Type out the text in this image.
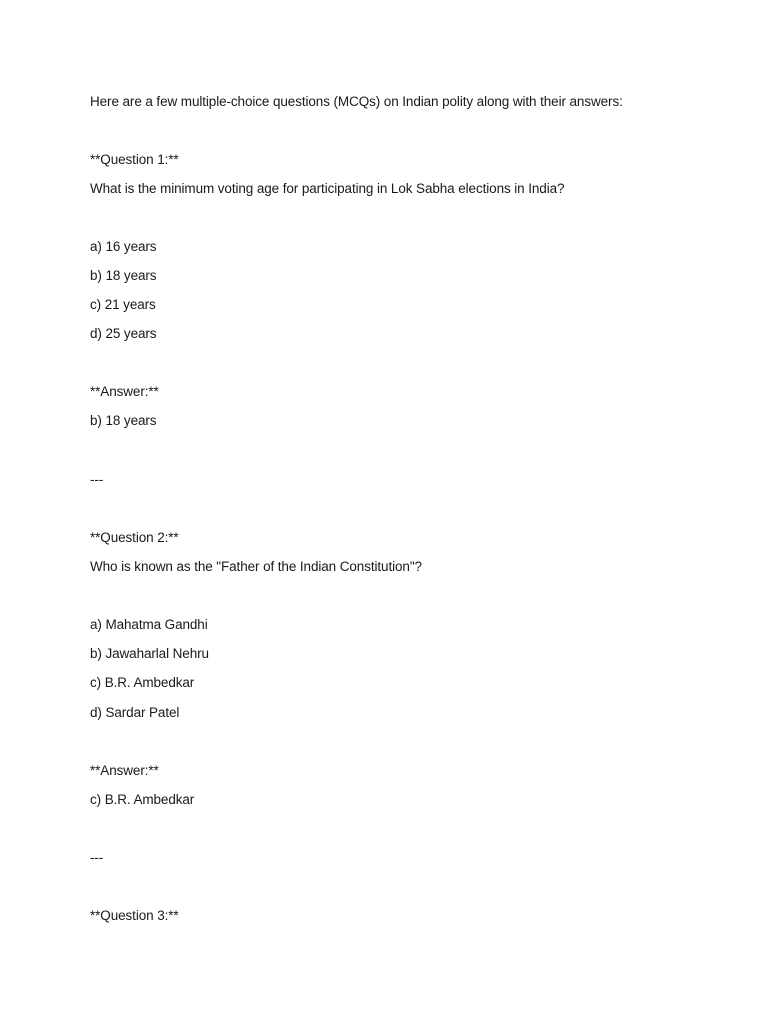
Here are a few multiple-choice questions (MCQs) on Indian polity along with their answers:
**Question 1:**
What is the minimum voting age for participating in Lok Sabha elections in India?
a) 16 years
b) 18 years
c) 21 years
d) 25 years
**Answer:**
b) 18 years
---
**Question 2:**
Who is known as the "Father of the Indian Constitution"?
a) Mahatma Gandhi
b) Jawaharlal Nehru
c) B.R. Ambedkar
d) Sardar Patel
**Answer:**
c) B.R. Ambedkar
---
**Question 3:**
